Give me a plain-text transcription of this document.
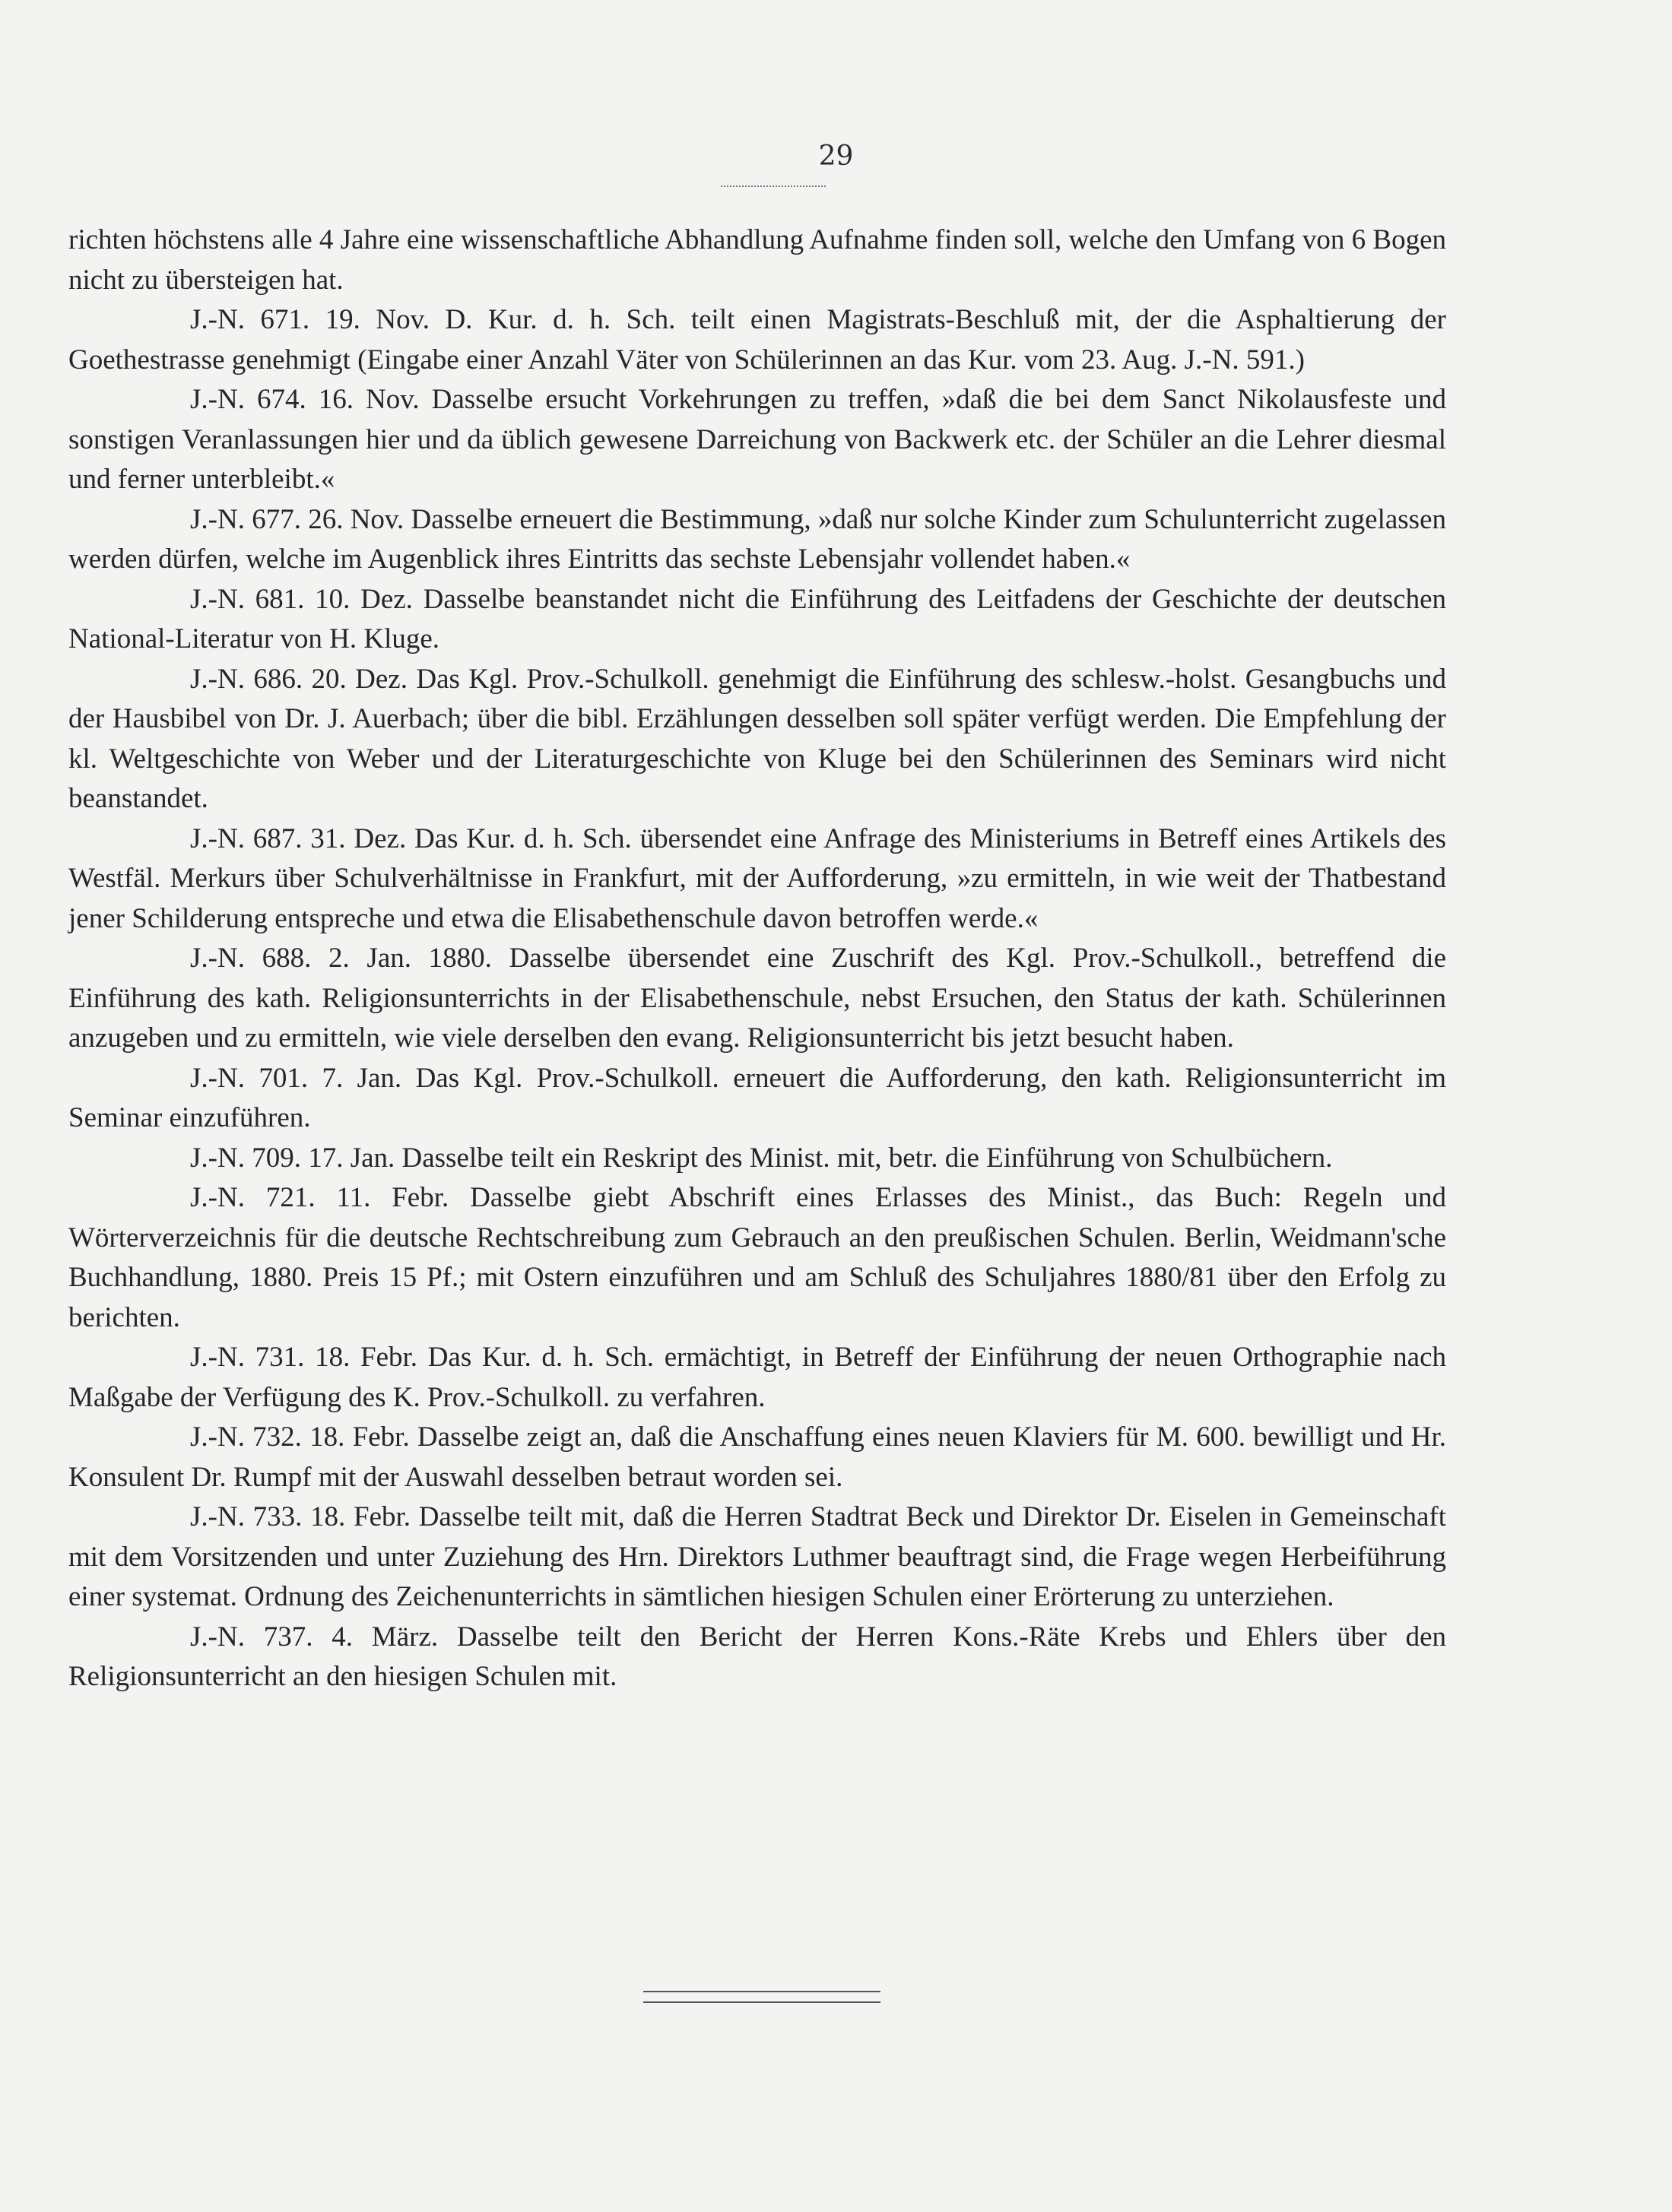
29

richten höchstens alle 4 Jahre eine wissenschaftliche Abhandlung Aufnahme finden soll, welche den Umfang von 6 Bogen nicht zu übersteigen hat.

J.-N. 671. 19. Nov. D. Kur. d. h. Sch. teilt einen Magistrats-Beschluß mit, der die Asphaltierung der Goethestrasse genehmigt (Eingabe einer Anzahl Väter von Schülerinnen an das Kur. vom 23. Aug. J.-N. 591.)

J.-N. 674. 16. Nov. Dasselbe ersucht Vorkehrungen zu treffen, »daß die bei dem Sanct Nikolausfeste und sonstigen Veranlassungen hier und da üblich gewesene Darreichung von Backwerk etc. der Schüler an die Lehrer diesmal und ferner unterbleibt.«

J.-N. 677. 26. Nov. Dasselbe erneuert die Bestimmung, »daß nur solche Kinder zum Schulunterricht zugelassen werden dürfen, welche im Augenblick ihres Eintritts das sechste Lebensjahr vollendet haben.«

J.-N. 681. 10. Dez. Dasselbe beanstandet nicht die Einführung des Leitfadens der Geschichte der deutschen National-Literatur von H. Kluge.

J.-N. 686. 20. Dez. Das Kgl. Prov.-Schulkoll. genehmigt die Einführung des schlesw.-holst. Gesangbuchs und der Hausbibel von Dr. J. Auerbach; über die bibl. Erzählungen desselben soll später verfügt werden. Die Empfehlung der kl. Weltgeschichte von Weber und der Literaturgeschichte von Kluge bei den Schülerinnen des Seminars wird nicht beanstandet.

J.-N. 687. 31. Dez. Das Kur. d. h. Sch. übersendet eine Anfrage des Ministeriums in Betreff eines Artikels des Westfäl. Merkurs über Schulverhältnisse in Frankfurt, mit der Aufforderung, »zu ermitteln, in wie weit der Thatbestand jener Schilderung entspreche und etwa die Elisabethenschule davon betroffen werde.«

J.-N. 688. 2. Jan. 1880. Dasselbe übersendet eine Zuschrift des Kgl. Prov.-Schulkoll., betreffend die Einführung des kath. Religionsunterrichts in der Elisabethenschule, nebst Ersuchen, den Status der kath. Schülerinnen anzugeben und zu ermitteln, wie viele derselben den evang. Religionsunterricht bis jetzt besucht haben.

J.-N. 701. 7. Jan. Das Kgl. Prov.-Schulkoll. erneuert die Aufforderung, den kath. Religionsunterricht im Seminar einzuführen.

J.-N. 709. 17. Jan. Dasselbe teilt ein Reskript des Minist. mit, betr. die Einführung von Schulbüchern.

J.-N. 721. 11. Febr. Dasselbe giebt Abschrift eines Erlasses des Minist., das Buch: Regeln und Wörterverzeichnis für die deutsche Rechtschreibung zum Gebrauch an den preußischen Schulen. Berlin, Weidmann'sche Buchhandlung, 1880. Preis 15 Pf.; mit Ostern einzuführen und am Schluß des Schuljahres 1880/81 über den Erfolg zu berichten.

J.-N. 731. 18. Febr. Das Kur. d. h. Sch. ermächtigt, in Betreff der Einführung der neuen Orthographie nach Maßgabe der Verfügung des K. Prov.-Schulkoll. zu verfahren.

J.-N. 732. 18. Febr. Dasselbe zeigt an, daß die Anschaffung eines neuen Klaviers für M. 600. bewilligt und Hr. Konsulent Dr. Rumpf mit der Auswahl desselben betraut worden sei.

J.-N. 733. 18. Febr. Dasselbe teilt mit, daß die Herren Stadtrat Beck und Direktor Dr. Eiselen in Gemeinschaft mit dem Vorsitzenden und unter Zuziehung des Hrn. Direktors Luthmer beauftragt sind, die Frage wegen Herbeiführung einer systemat. Ordnung des Zeichenunterrichts in sämtlichen hiesigen Schulen einer Erörterung zu unterziehen.

J.-N. 737. 4. März. Dasselbe teilt den Bericht der Herren Kons.-Räte Krebs und Ehlers über den Religionsunterricht an den hiesigen Schulen mit.
